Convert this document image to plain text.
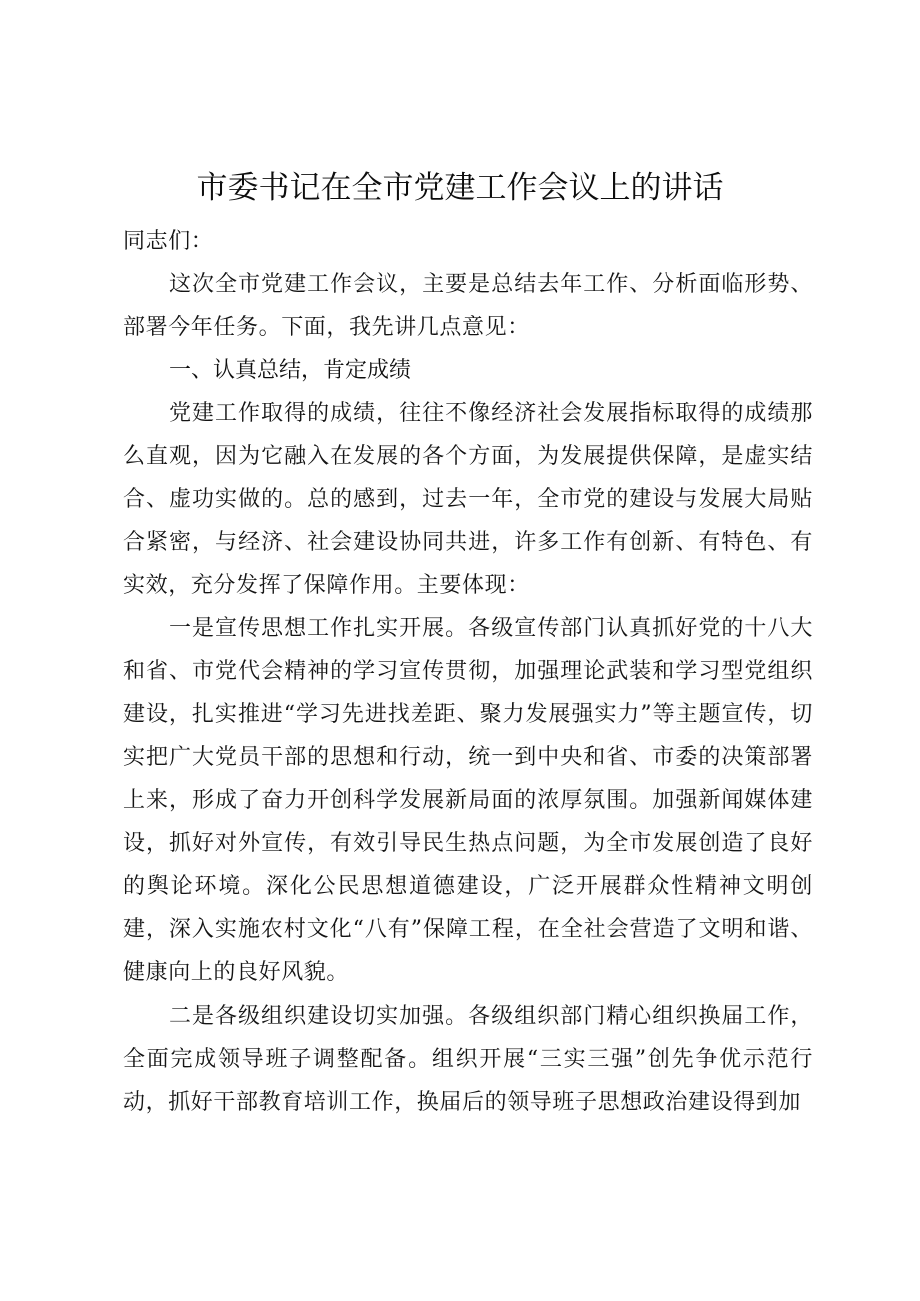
市委书记在全市党建工作会议上的讲话
同志们：
这次全市党建工作会议，主要是总结去年工作、分析面临形势、部署今年任务。下面，我先讲几点意见：
一、认真总结，肯定成绩
党建工作取得的成绩，往往不像经济社会发展指标取得的成绩那么直观，因为它融入在发展的各个方面，为发展提供保障，是虚实结合、虚功实做的。总的感到，过去一年，全市党的建设与发展大局贴合紧密，与经济、社会建设协同共进，许多工作有创新、有特色、有实效，充分发挥了保障作用。主要体现：
一是宣传思想工作扎实开展。各级宣传部门认真抓好党的十八大和省、市党代会精神的学习宣传贯彻，加强理论武装和学习型党组织建设，扎实推进“学习先进找差距、聚力发展强实力”等主题宣传，切实把广大党员干部的思想和行动，统一到中央和省、市委的决策部署上来，形成了奋力开创科学发展新局面的浓厚氛围。加强新闻媒体建设，抓好对外宣传，有效引导民生热点问题，为全市发展创造了良好的舆论环境。深化公民思想道德建设，广泛开展群众性精神文明创建，深入实施农村文化“八有”保障工程，在全社会营造了文明和谐、健康向上的良好风貌。
二是各级组织建设切实加强。各级组织部门精心组织换届工作，全面完成领导班子调整配备。组织开展“三实三强”创先争优示范行动，抓好干部教育培训工作，换届后的领导班子思想政治建设得到加
